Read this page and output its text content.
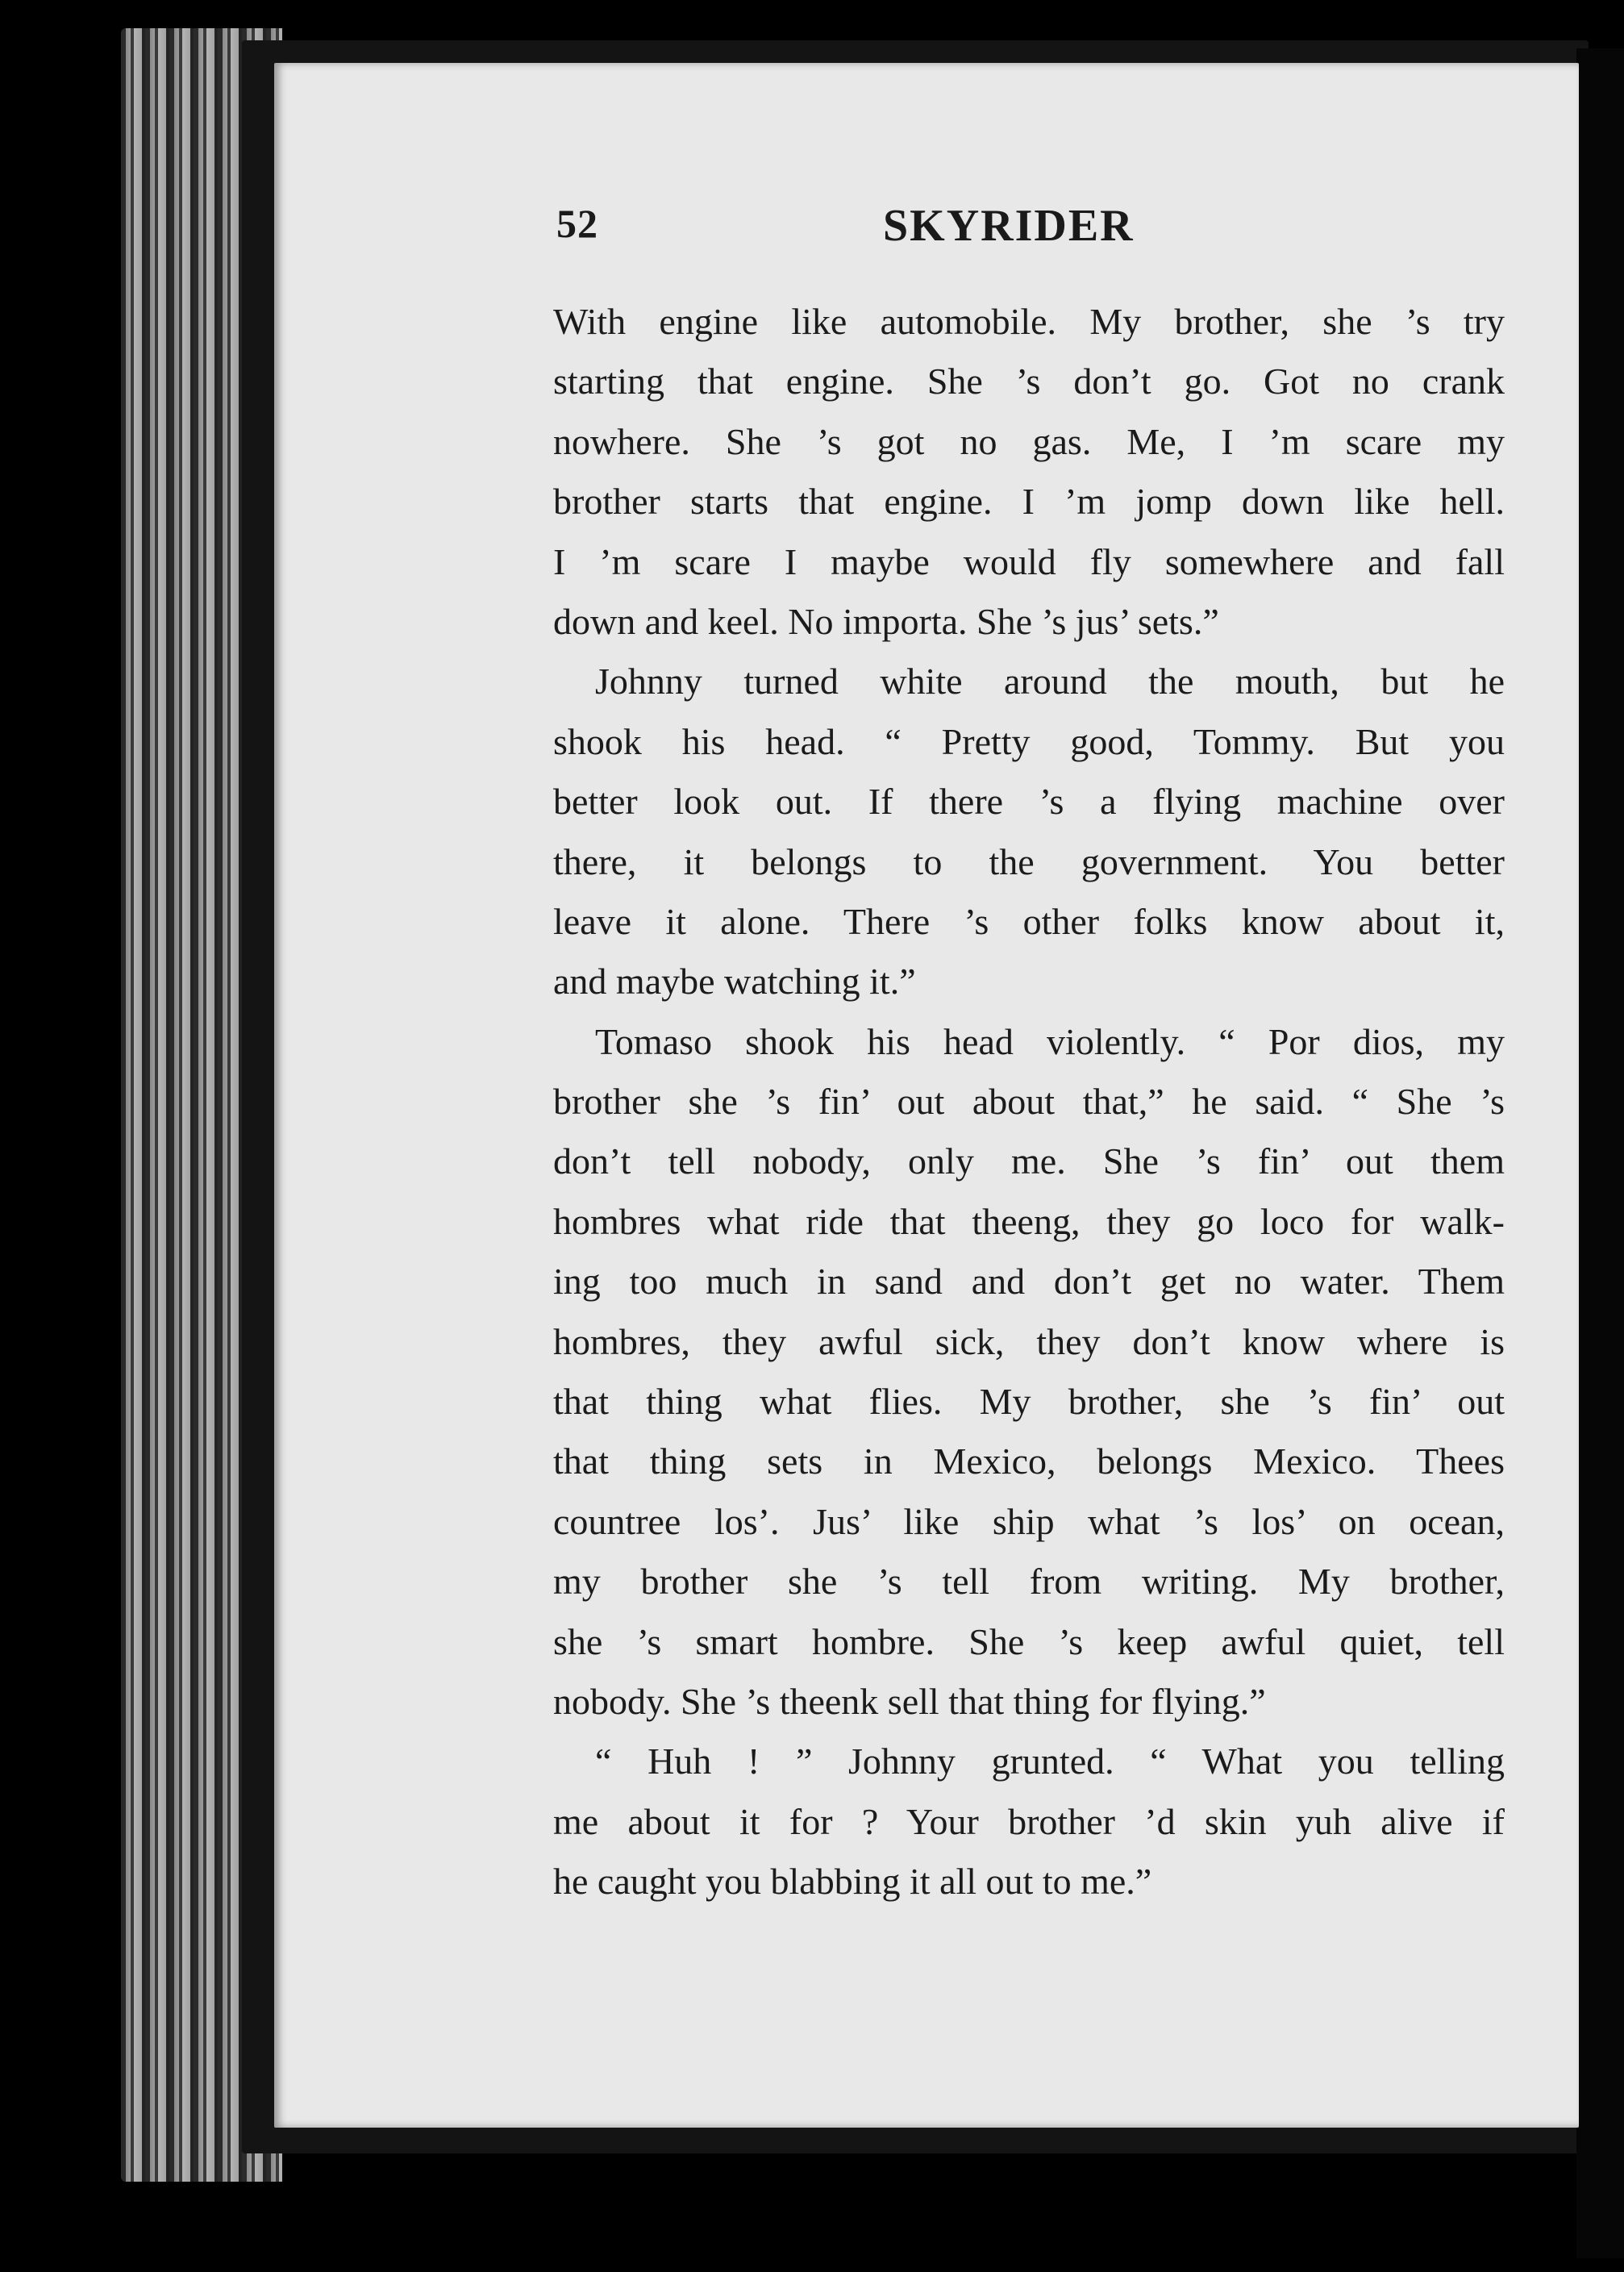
52	SKYRIDER
With engine like automobile. My brother, she ’s try
starting that engine. She ’s don’t go. Got no crank
nowhere. She ’s got no gas. Me, I ’m scare my
brother starts that engine. I ’m jomp down like hell.
I ’m scare I maybe would fly somewhere and fall
down and keel. No importa. She ’s jus’ sets.”
Johnny turned white around the mouth, but he
shook his head. “ Pretty good, Tommy. But you
better look out. If there ’s a flying machine over
there, it belongs to the government. You better
leave it alone. There ’s other folks know about it,
and maybe watching it.”
Tomaso shook his head violently. “ Por dios, my
brother she ’s fin’ out about that,” he said. “ She ’s
don’t tell nobody, only me. She ’s fin’ out them
hombres what ride that theeng, they go loco for walk-
ing too much in sand and don’t get no water. Them
hombres, they awful sick, they don’t know where is
that thing what flies. My brother, she ’s fin’ out
that thing sets in Mexico, belongs Mexico. Thees
countree los’. Jus’ like ship what ’s los’ on ocean,
my brother she ’s tell from writing. My brother,
she ’s smart hombre. She ’s keep awful quiet, tell
nobody. She ’s theenk sell that thing for flying.”
“ Huh ! ” Johnny grunted. “ What you telling
me about it for ? Your brother ’d skin yuh alive if
he caught you blabbing it all out to me.”
